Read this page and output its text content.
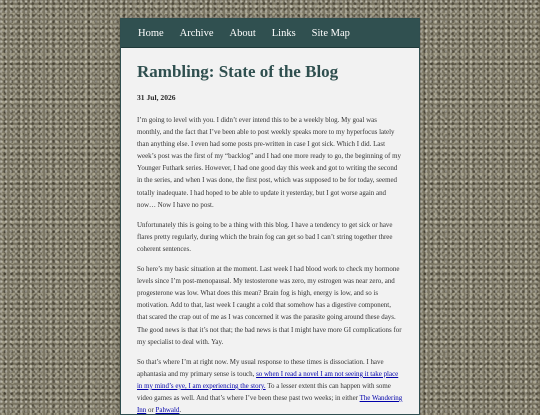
Home Archive About Links Site Map
Rambling: State of the Blog
31 Jul, 2026

I’m going to level with you. I didn’t ever intend this to be a weekly blog. My goal was monthly, and the fact that I’ve been able to post weekly speaks more to my hyperfocus lately than anything else. I even had some posts pre-written in case I got sick. Which I did. Last week’s post was the first of my “backlog” and I had one more ready to go, the beginning of my Younger Futhark series. However, I had one good day this week and got to writing the second in the series, and when I was done, the first post, which was supposed to be for today, seemed totally inadequate. I had hoped to be able to update it yesterday, but I got worse again and now… Now I have no post.

Unfortunately this is going to be a thing with this blog. I have a tendency to get sick or have flares pretty regularly, during which the brain fog can get so bad I can’t string together three coherent sentences.

So here’s my basic situation at the moment. Last week I had blood work to check my hormone levels since I’m post-menopausal. My testosterone was zero, my estrogen was near zero, and progesterone was low. What does this mean? Brain fog is high, energy is low, and so is motivation. Add to that, last week I caught a cold that somehow has a digestive component, that scared the crap out of me as I was concerned it was the parasite going around these days. The good news is that it’s not that; the bad news is that I might have more GI complications for my specialist to deal with. Yay.

So that’s where I’m at right now. My usual response to these times is dissociation. I have aphantasia and my primary sense is touch, so when I read a novel I am not seeing it take place in my mind’s eye, I am experiencing the story. To a lesser extent this can happen with some video games as well. And that’s where I’ve been these past two weeks; in either The Wandering Inn or Pahwald.
